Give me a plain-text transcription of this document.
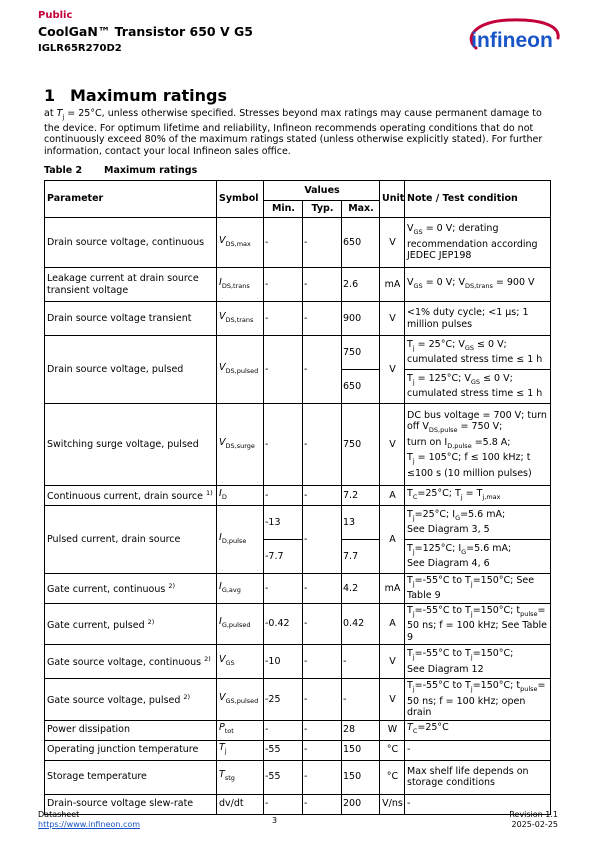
Public
CoolGaN™ Transistor 650 V G5
IGLR65R270D2	infineon
1 Maximum ratings
at $T_j = 25^\circ C$, unless otherwise specified. Stresses beyond max ratings may cause permanent damage to the device. For optimum lifetime and reliability, Infineon recommends operating conditions that do not continuously exceed 80% of the maximum ratings stated (unless otherwise explicitly stated). For further information, contact your local Infineon sales office.
Table 2 Maximum ratings
Parameter	Symbol	Values			Unit	Note / Test condition
		Min.	Typ.	Max.		
Drain source voltage, continuous	$V_{DS,max}$	-	-	650	V	$V_{GS} = 0$ V; derating recommendation according JEDEC JEP198
Leakage current at drain source transient voltage	$I_{DS,trans}$	-	-	2.6	mA	$V_{GS} = 0$ V; $V_{DS,trans} = 900$ V
Drain source voltage transient	$V_{DS,trans}$	-	-	900	V	<1% duty cycle; <1 µs; 1 million pulses
Drain source voltage, pulsed	$V_{DS,pulsed}$	-	-	750	V	$T_j = 25^\circ C$; $V_{GS} \le 0$ V; cumulated stress time ≤ 1 h
				650		$T_j = 125^\circ C$; $V_{GS} \le 0$ V; cumulated stress time ≤ 1 h
Switching surge voltage, pulsed	$V_{DS,surge}$	-	-	750	V	DC bus voltage = 700 V; turn off $V_{DS,pulse} = 750$ V;
turn on $I_{D,pulse} =5.8$ A;
$T_j = 105^\circ C$; f ≤ 100 kHz; t ≤100 s (10 million pulses)
Continuous current, drain source $^{1)}$	$I_D$	-	-	7.2	A	$T_C=25^\circ C$; $T_j = T_{j,max}$
Pulsed current, drain source	$I_{D,pulse}$	-13	-	13	A	$T_j=25^\circ C$; $I_G=5.6$ mA;
See Diagram 3, 5
		-7.7		7.7		$T_j=125^\circ C$; $I_G=5.6$ mA;
See Diagram 4, 6
Gate current, continuous $^{2)}$	$I_{G,avg}$	-	-	4.2	mA	$T_j=-55^\circ C$ to $T_j=150^\circ C$; See Table 9
Gate current, pulsed $^{2)}$	$I_{G,pulsed}$	-0.42	-	0.42	A	$T_j=-55^\circ C$ to $T_j=150^\circ C$; $t_{pulse}= 50$ ns; f = 100 kHz; See Table 9
Gate source voltage, continuous $^{2)}$	$V_{GS}$	-10	-	-	V	$T_j=-55^\circ C$ to $T_j=150^\circ C$;
See Diagram 12
Gate source voltage, pulsed $^{2)}$	$V_{GS,pulsed}$	-25	-	-	V	$T_j=-55^\circ C$ to $T_j=150^\circ C$; $t_{pulse}= 50$ ns; f = 100 kHz; open drain
Power dissipation	$P_{tot}$	-	-	28	W	$T_C=25^\circ C$
Operating junction temperature	$T_j$	-55	-	150	°C	-
Storage temperature	$T_{stg}$	-55	-	150	°C	Max shelf life depends on storage conditions
Drain-source voltage slew-rate	dv/dt	-	-	200	V/ns	-
Datasheet
https://www.infineon.com	3
Revision 1.1
2025-02-25
